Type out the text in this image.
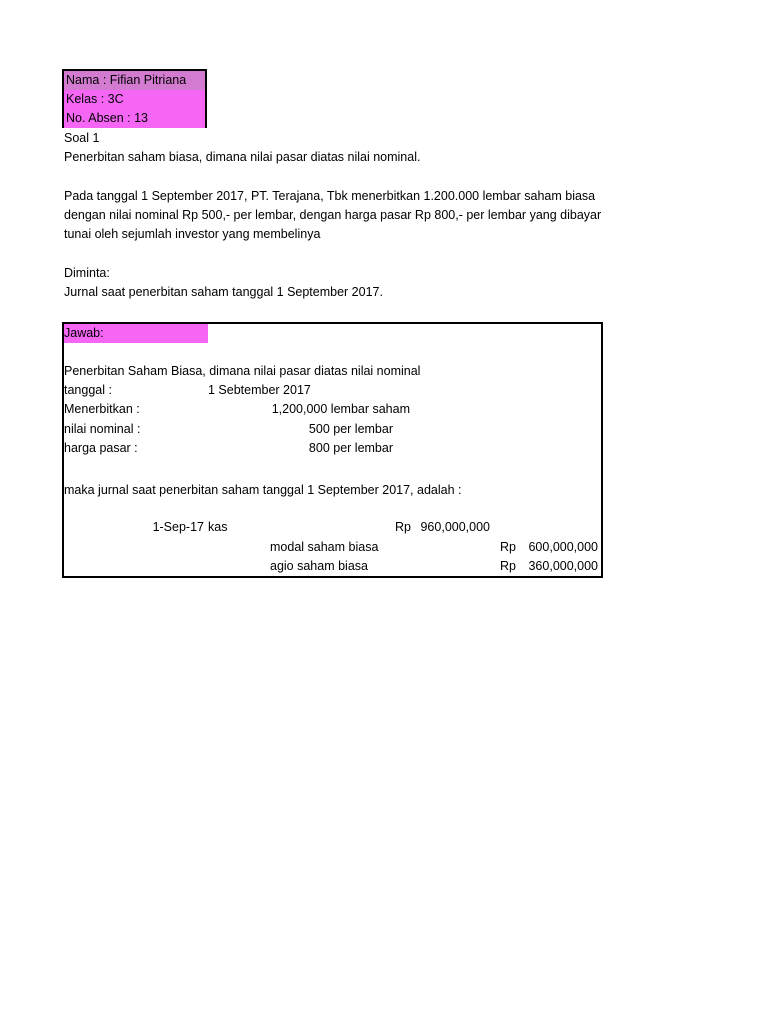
Nama : Fifian Pitriana
Kelas : 3C
No. Absen : 13
Soal 1
Penerbitan saham biasa, dimana nilai pasar diatas nilai nominal.
Pada tanggal 1 September 2017, PT. Terajana, Tbk menerbitkan 1.200.000 lembar saham biasa
dengan nilai nominal Rp 500,- per lembar, dengan harga pasar Rp 800,- per lembar yang dibayar
tunai oleh sejumlah investor yang membelinya
Diminta:
Jurnal saat penerbitan saham tanggal 1 September 2017.
Jawab:
Penerbitan Saham Biasa, dimana nilai pasar diatas nilai nominal
tanggal :	1 Sebtember 2017
Menerbitkan :	1,200,000 lembar saham
nilai nominal :	500 per lembar
harga pasar :	800 per lembar
maka jurnal saat penerbitan saham tanggal 1 September 2017, adalah :
1-Sep-17 kas	Rp 960,000,000
modal saham biasa	Rp	600,000,000
agio saham biasa	Rp	360,000,000
